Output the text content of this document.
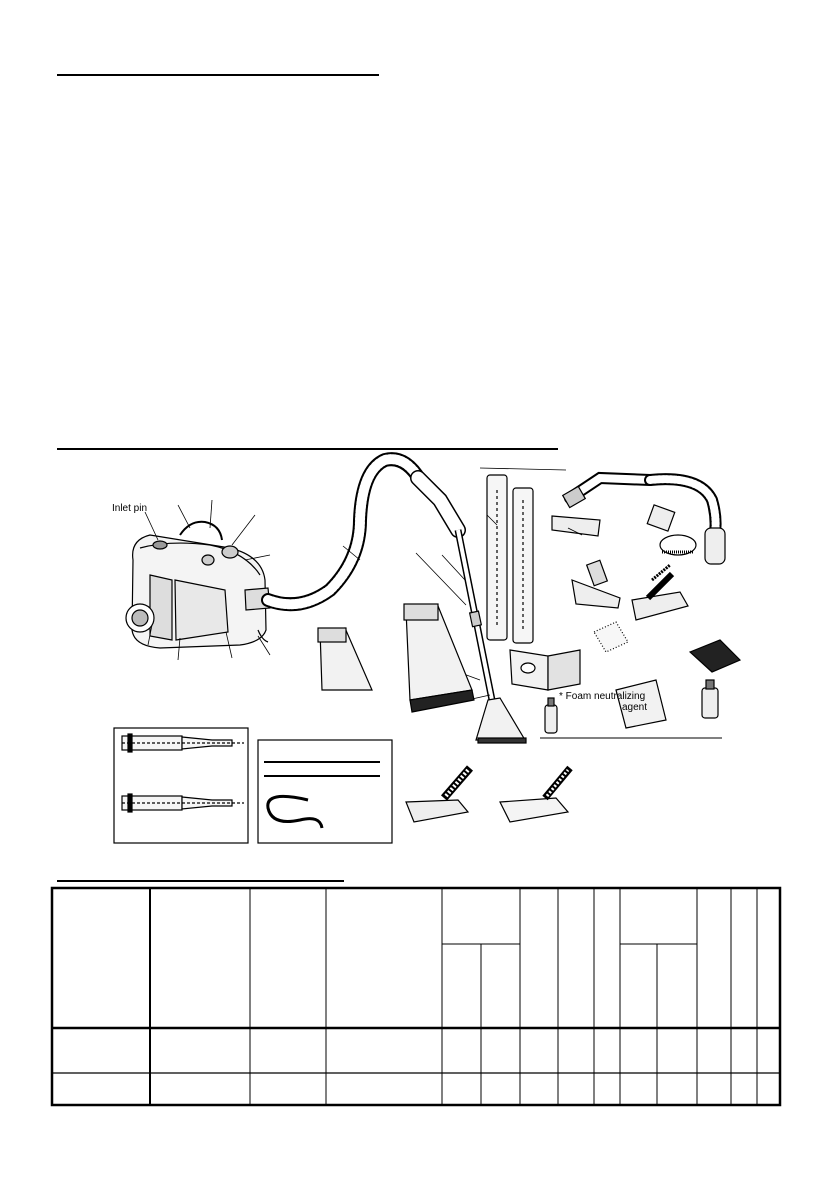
Inlet pin
* Foam neutralizing
agent
